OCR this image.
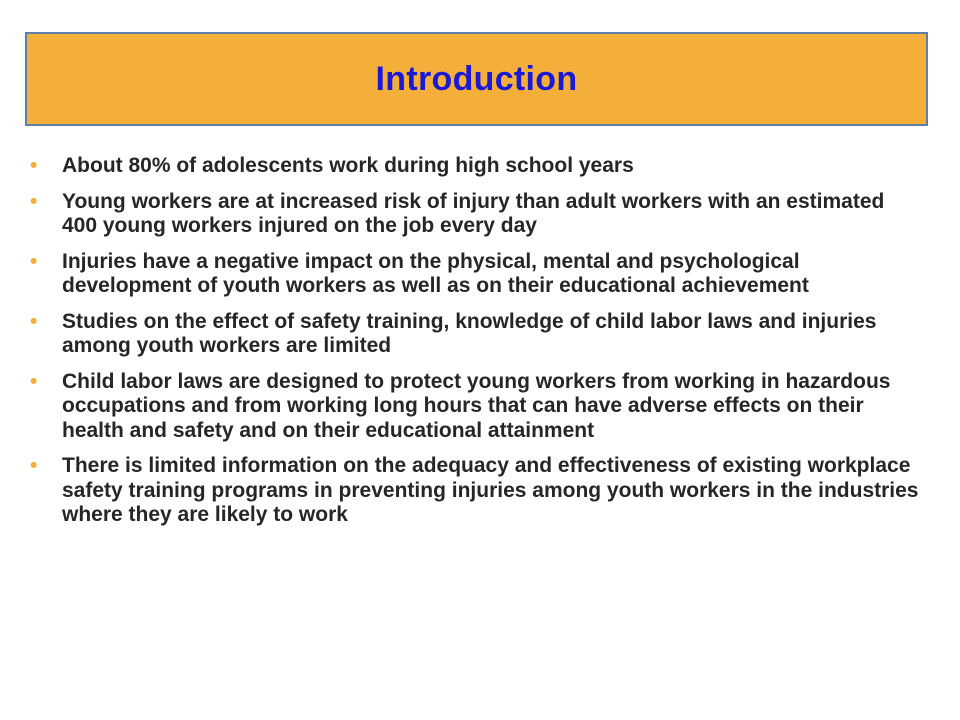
Introduction
•	About 80% of adolescents work during high school years
•	Young workers are at increased risk of injury than adult workers with an estimated 400 young workers injured on the job every day
•	Injuries have a negative impact on the physical, mental and psychological development of youth workers as well as on their educational achievement
•	Studies on the effect of safety training, knowledge of child labor laws and injuries among youth workers are limited
•	Child labor laws are designed to protect young workers from working in hazardous occupations and from working long hours that can have adverse effects on their health and safety and on their educational attainment
•	There is limited information on the adequacy and effectiveness of existing workplace safety training programs in preventing injuries among youth workers in the industries where they are likely to work
